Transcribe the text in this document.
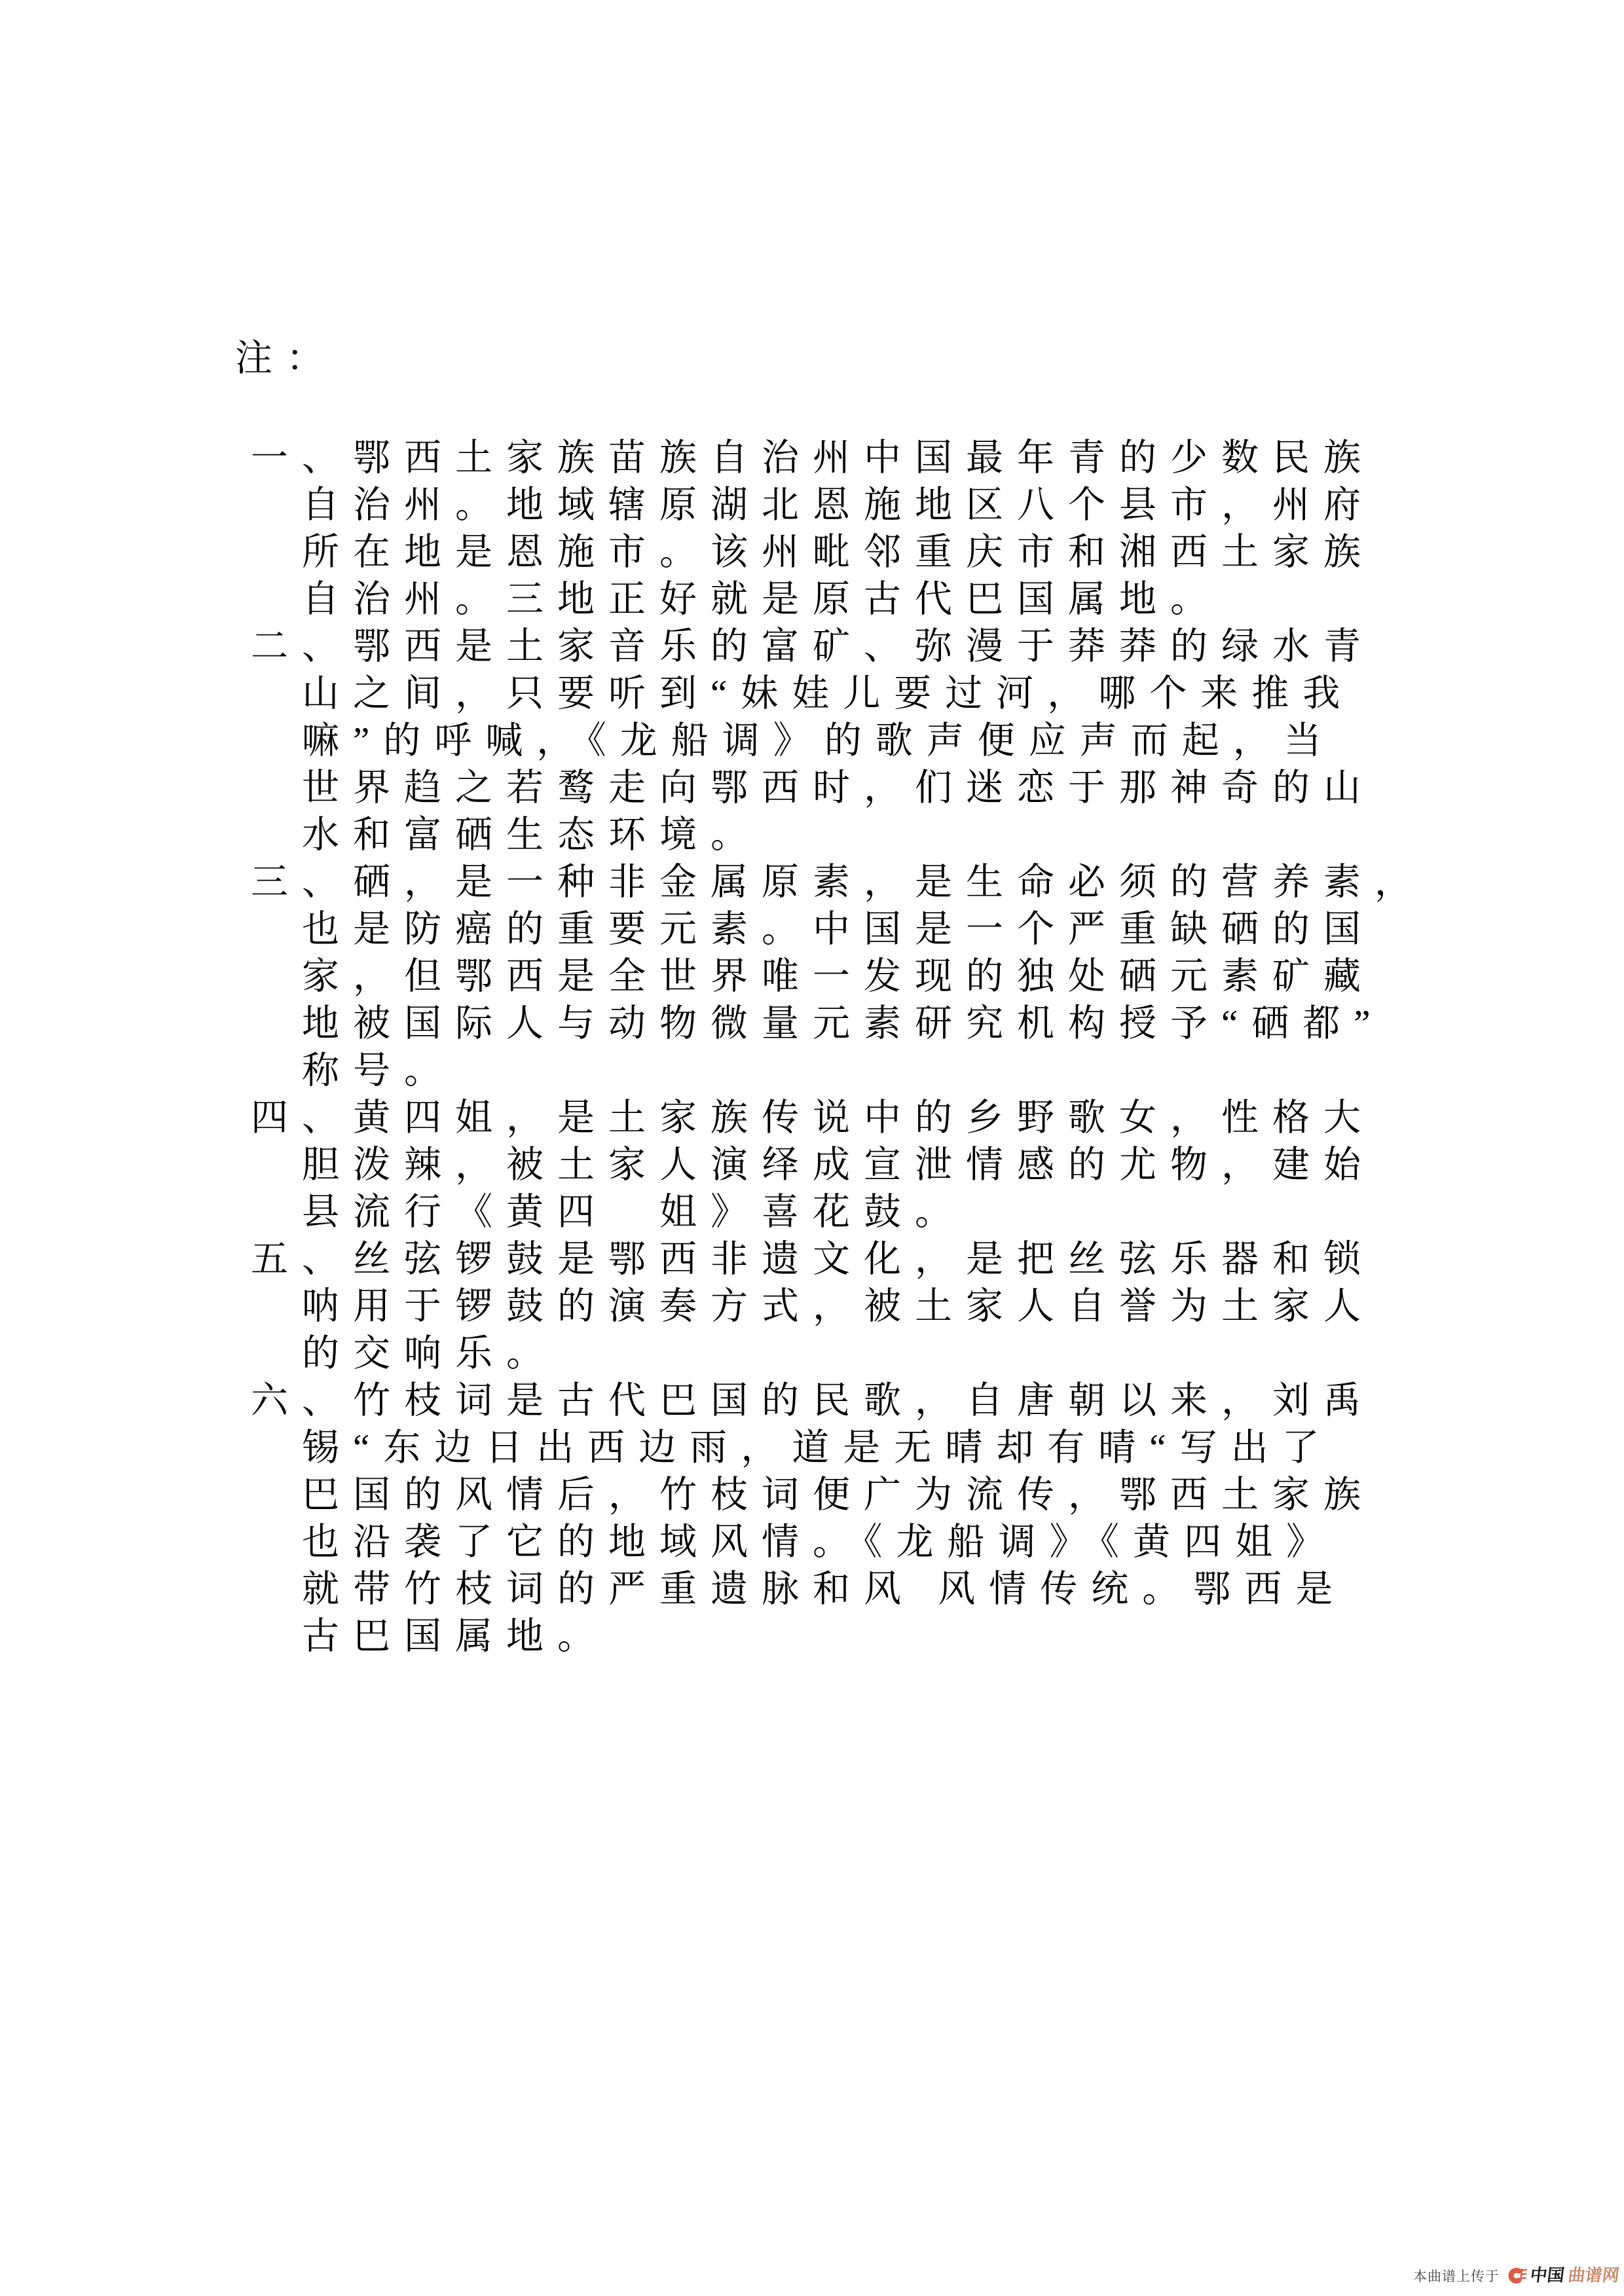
注：
一、鄂西土家族苗族自治州中国最年青的少数民族
自治州。地域辖原湖北恩施地区八个县市，州府
所在地是恩施市。该州毗邻重庆市和湘西土家族
自治州。三地正好就是原古代巴国属地。
二、鄂西是土家音乐的富矿、弥漫于莽莽的绿水青
山之间，只要听到“妹娃儿要过河，哪个来推我
嘛”的呼喊，《龙船调》的歌声便应声而起，当
世界趋之若鹜走向鄂西时，们迷恋于那神奇的山
水和富硒生态环境。
三、硒，是一种非金属原素，是生命必须的营养素，
也是防癌的重要元素。中国是一个严重缺硒的国
家，但鄂西是全世界唯一发现的独处硒元素矿藏
地被国际人与动物微量元素研究机构授予“硒都”
称号。
四、黄四姐，是土家族传说中的乡野歌女，性格大
胆泼辣，被土家人演绎成宣泄情感的尤物，建始
县流行《黄四　姐》喜花鼓。
五、丝弦锣鼓是鄂西非遗文化，是把丝弦乐器和锁
呐用于锣鼓的演奏方式，被土家人自誉为土家人
的交响乐。
六、竹枝词是古代巴国的民歌，自唐朝以来，刘禹
锡“东边日出西边雨，道是无晴却有晴“写出了
巴国的风情后，竹枝词便广为流传，鄂西土家族
也沿袭了它的地域风情。《龙船调》《黄四姐》
就带竹枝词的严重遗脉和风 风情传统。鄂西是
古巴国属地。
本曲谱上传于 中国 曲谱网
